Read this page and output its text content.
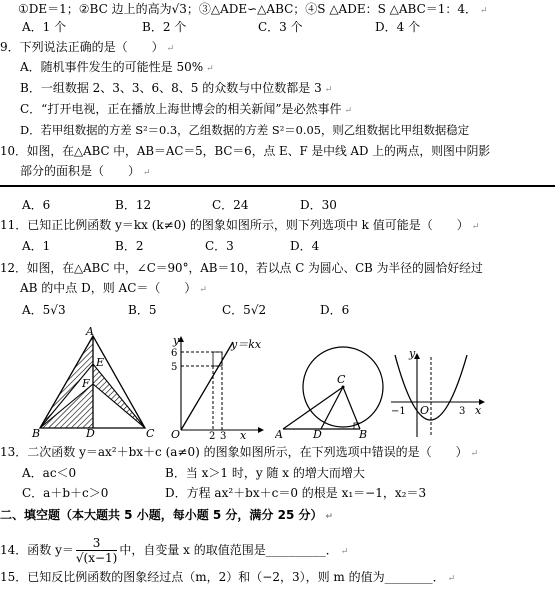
①DE＝1；②BC 边上的高为√3；③△ADE∽△ABC；④S △ADE：S △ABC＝1：4． ↵
A．1 个	B．2 个	C．3 个	D．4 个
9．下列说法正确的是（　　） ↵
A．随机事件发生的可能性是 50% ↵
B．一组数据 2、3、3、6、8、5 的众数与中位数都是 3 ↵
C．“打开电视，正在播放上海世博会的相关新闻”是必然事件 ↵
D．若甲组数据的方差 S²＝0.3，乙组数据的方差 S²＝0.05，则乙组数据比甲组数据稳定
10．如图，在△ABC 中，AB＝AC＝5，BC＝6，点 E、F 是中线 AD 上的两点，则图中阴影
部分的面积是（　　） ↵
A．6	B．12	C．24	D．30
11．已知正比例函数 y＝kx (k≠0) 的图象如图所示，则下列选项中 k 值可能是（　　） ↵
A．1	B．2	C．3	D．4
12．如图，在△ABC 中，∠C＝90°，AB＝10，若以点 C 为圆心、CB 为半径的圆恰好经过
AB 的中点 D，则 AC＝（　　） ↵
A．5√3	B．5	C．5√2	D．6
A
E
F
B	D	C
y	y＝kx
6
5
O	2 3 x
C
A	D	B
y
−1 O	3 x
13．二次函数 y＝ax²＋bx＋c (a≠0) 的图象如图所示，在下列选项中错误的是（　　） ↵
A．ac＜0	B．当 x＞1 时，y 随 x 的增大而增大
C．a＋b＋c＞0	D．方程 ax²＋bx＋c＝0 的根是 x₁＝−1，x₂＝3
二、填空题（本大题共 5 小题，每小题 5 分，满分 25 分） ↵
14．函数 $y= \frac{3}{√(x-1)}$ 中，自变量 x 的取值范围是__________． ↵
15．已知反比例函数的图象经过点（m，2）和（−2，3），则 m 的值为________． ↵
